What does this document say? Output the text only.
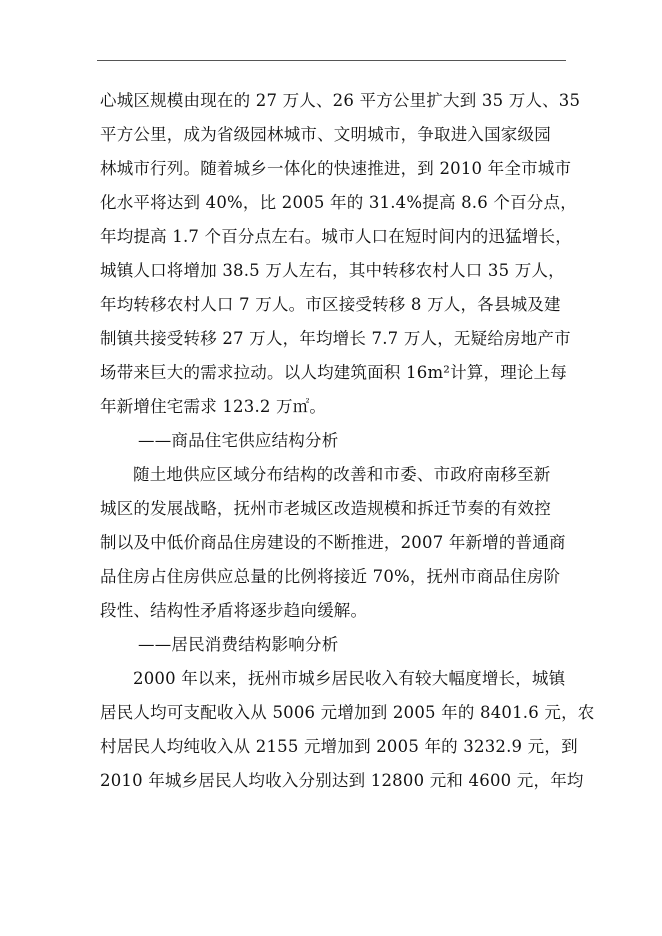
心城区规模由现在的 27 万人、26 平方公里扩大到 35 万人、35
平方公里，成为省级园林城市、文明城市，争取进入国家级园
林城市行列。随着城乡一体化的快速推进，到 2010 年全市城市
化水平将达到 40%，比 2005 年的 31.4%提高 8.6 个百分点，
年均提高 1.7 个百分点左右。城市人口在短时间内的迅猛增长，
城镇人口将增加 38.5 万人左右，其中转移农村人口 35 万人，
年均转移农村人口 7 万人。市区接受转移 8 万人，各县城及建
制镇共接受转移 27 万人，年均增长 7.7 万人，无疑给房地产市
场带来巨大的需求拉动。以人均建筑面积 16m²计算，理论上每
年新增住宅需求 123.2 万㎡。
——商品住宅供应结构分析
随土地供应区域分布结构的改善和市委、市政府南移至新
城区的发展战略，抚州市老城区改造规模和拆迁节奏的有效控
制以及中低价商品住房建设的不断推进，2007 年新增的普通商
品住房占住房供应总量的比例将接近 70%，抚州市商品住房阶
段性、结构性矛盾将逐步趋向缓解。
——居民消费结构影响分析
2000 年以来，抚州市城乡居民收入有较大幅度增长，城镇
居民人均可支配收入从 5006 元增加到 2005 年的 8401.6 元，农
村居民人均纯收入从 2155 元增加到 2005 年的 3232.9 元，到
2010 年城乡居民人均收入分别达到 12800 元和 4600 元，年均
